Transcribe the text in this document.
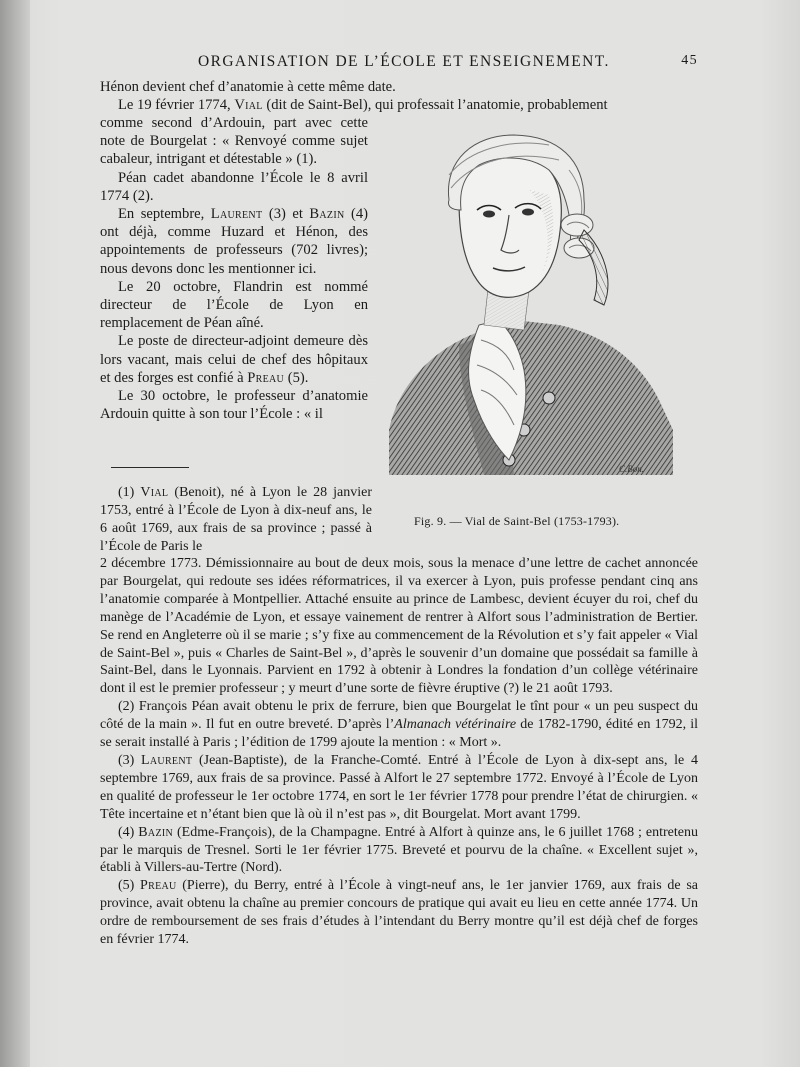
ORGANISATION DE L’ÉCOLE ET ENSEIGNEMENT.	45

Hénon devient chef d’anatomie à cette même date.

Le 19 février 1774, Vial (dit de Saint-Bel), qui professait l’anatomie, probablement

comme second d’Ardouin, part avec cette note de Bourgelat : « Renvoyé comme sujet cabaleur, intrigant et détestable » (1).

Péan cadet abandonne l’École le 8 avril 1774 (2).

En septembre, Laurent (3) et Bazin (4) ont déjà, comme Huzard et Hénon, des appointements de professeurs (702 livres); nous devons donc les mentionner ici.

Le 20 octobre, Flandrin est nommé directeur de l’École de Lyon en remplacement de Péan aîné.

Le poste de directeur-adjoint demeure dès lors vacant, mais celui de chef des hôpitaux et des forges est confié à Preau (5).

Le 30 octobre, le professeur d’anatomie Ardouin quitte à son tour l’École : « il

C.Bon.
Fig. 9. — Vial de Saint-Bel (1753-1793).

(1) Vial (Benoit), né à Lyon le 28 janvier 1753, entré à l’École de Lyon à dix-neuf ans, le 6 août 1769, aux frais de sa province ; passé à l’École de Paris le

2 décembre 1773. Démissionnaire au bout de deux mois, sous la menace d’une lettre de cachet annoncée par Bourgelat, qui redoute ses idées réformatrices, il va exercer à Lyon, puis professe pendant cinq ans l’anatomie comparée à Montpellier. Attaché ensuite au prince de Lambesc, devient écuyer du roi, chef du manège de l’Académie de Lyon, et essaye vainement de rentrer à Alfort sous l’administration de Bertier. Se rend en Angleterre où il se marie ; s’y fixe au commencement de la Révolution et s’y fait appeler « Vial de Saint-Bel », puis « Charles de Saint-Bel », d’après le souvenir d’un domaine que possédait sa famille à Saint-Bel, dans le Lyonnais. Parvient en 1792 à obtenir à Londres la fondation d’un collège vétérinaire dont il est le premier professeur ; y meurt d’une sorte de fièvre éruptive (?) le 21 août 1793.

(2) François Péan avait obtenu le prix de ferrure, bien que Bourgelat le tînt pour « un peu suspect du côté de la main ». Il fut en outre breveté. D’après l’Almanach vétérinaire de 1782-1790, édité en 1792, il se serait installé à Paris ; l’édition de 1799 ajoute la mention : « Mort ».

(3) Laurent (Jean-Baptiste), de la Franche-Comté. Entré à l’École de Lyon à dix-sept ans, le 4 septembre 1769, aux frais de sa province. Passé à Alfort le 27 septembre 1772. Envoyé à l’École de Lyon en qualité de professeur le 1er octobre 1774, en sort le 1er février 1778 pour prendre l’état de chirurgien. « Tête incertaine et n’étant bien que là où il n’est pas », dit Bourgelat. Mort avant 1799.

(4) Bazin (Edme-François), de la Champagne. Entré à Alfort à quinze ans, le 6 juillet 1768 ; entretenu par le marquis de Tresnel. Sorti le 1er février 1775. Breveté et pourvu de la chaîne. « Excellent sujet », établi à Villers-au-Tertre (Nord).

(5) Preau (Pierre), du Berry, entré à l’École à vingt-neuf ans, le 1er janvier 1769, aux frais de sa province, avait obtenu la chaîne au premier concours de pratique qui avait eu lieu en cette année 1774. Un ordre de remboursement de ses frais d’études à l’intendant du Berry montre qu’il est déjà chef de forges en février 1774.
